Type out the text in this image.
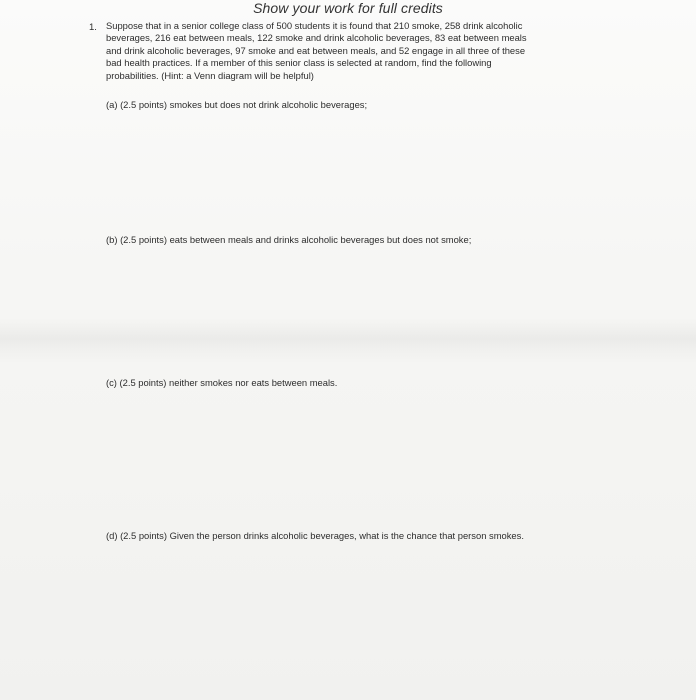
Show your work for full credits
1. Suppose that in a senior college class of 500 students it is found that 210 smoke, 258 drink alcoholic
beverages, 216 eat between meals, 122 smoke and drink alcoholic beverages, 83 eat between meals
and drink alcoholic beverages, 97 smoke and eat between meals, and 52 engage in all three of these
bad health practices. If a member of this senior class is selected at random, find the following
probabilities. (Hint: a Venn diagram will be helpful)
(a) (2.5 points) smokes but does not drink alcoholic beverages;
(b) (2.5 points) eats between meals and drinks alcoholic beverages but does not smoke;
(c) (2.5 points) neither smokes nor eats between meals.
(d) (2.5 points) Given the person drinks alcoholic beverages, what is the chance that person smokes.
